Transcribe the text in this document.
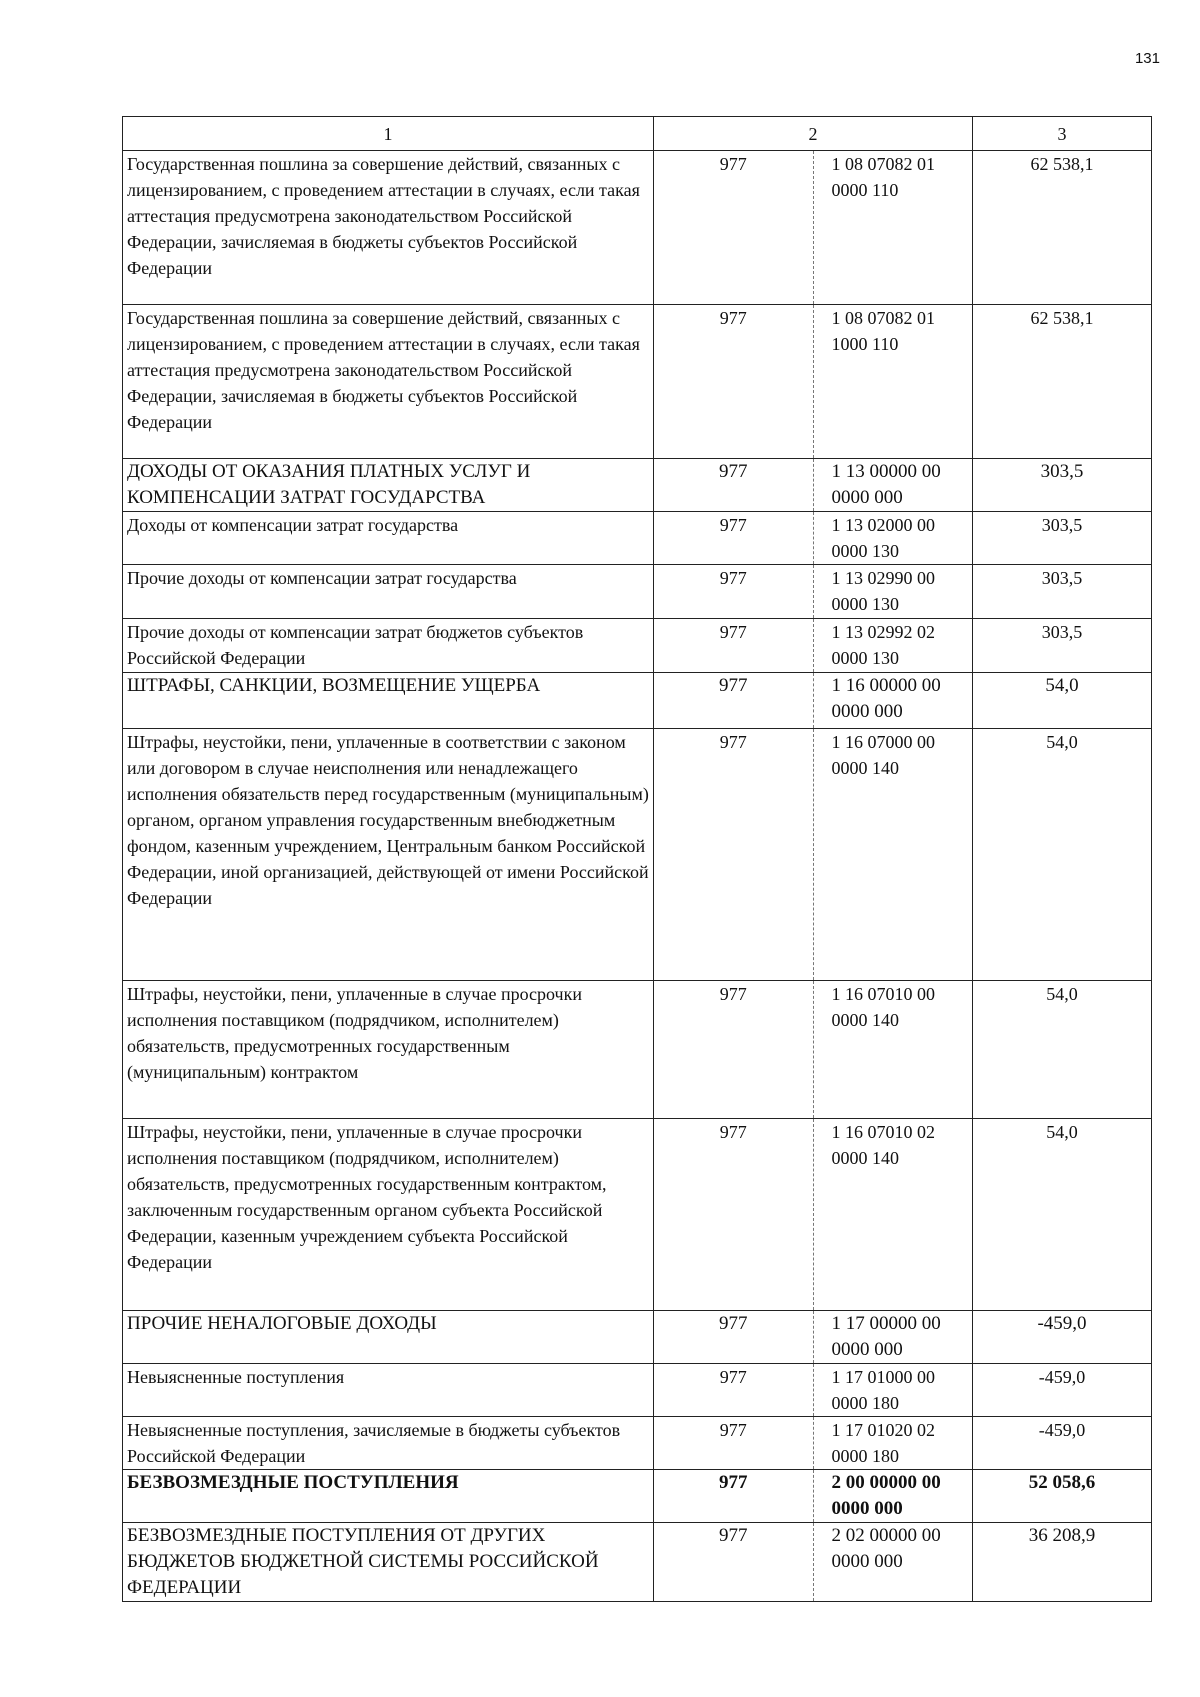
131
1	2		3
Государственная пошлина за совершение действий, связанных с лицензированием, с проведением аттестации в случаях, если такая аттестация предусмотрена законодательством Российской Федерации, зачисляемая в бюджеты субъектов Российской Федерации	977	1 08 07082 01 0000 110	62 538,1
Государственная пошлина за совершение действий, связанных с лицензированием, с проведением аттестации в случаях, если такая аттестация предусмотрена законодательством Российской Федерации, зачисляемая в бюджеты субъектов Российской Федерации	977	1 08 07082 01 1000 110	62 538,1
ДОХОДЫ ОТ ОКАЗАНИЯ ПЛАТНЫХ УСЛУГ И КОМПЕНСАЦИИ ЗАТРАТ ГОСУДАРСТВА	977	1 13 00000 00 0000 000	303,5
Доходы от компенсации затрат государства	977	1 13 02000 00 0000 130	303,5
Прочие доходы от компенсации затрат государства	977	1 13 02990 00 0000 130	303,5
Прочие доходы от компенсации затрат бюджетов субъектов Российской Федерации	977	1 13 02992 02 0000 130	303,5
ШТРАФЫ, САНКЦИИ, ВОЗМЕЩЕНИЕ УЩЕРБА	977	1 16 00000 00 0000 000	54,0
Штрафы, неустойки, пени, уплаченные в соответствии с законом или договором в случае неисполнения или ненадлежащего исполнения обязательств перед государственным (муниципальным) органом, органом управления государственным внебюджетным фондом, казенным учреждением, Центральным банком Российской Федерации, иной организацией, действующей от имени Российской Федерации	977	1 16 07000 00 0000 140	54,0
Штрафы, неустойки, пени, уплаченные в случае просрочки исполнения поставщиком (подрядчиком, исполнителем) обязательств, предусмотренных государственным (муниципальным) контрактом	977	1 16 07010 00 0000 140	54,0
Штрафы, неустойки, пени, уплаченные в случае просрочки исполнения поставщиком (подрядчиком, исполнителем) обязательств, предусмотренных государственным контрактом, заключенным государственным органом субъекта Российской Федерации, казенным учреждением субъекта Российской Федерации	977	1 16 07010 02 0000 140	54,0
ПРОЧИЕ НЕНАЛОГОВЫЕ ДОХОДЫ	977	1 17 00000 00 0000 000	-459,0
Невыясненные поступления	977	1 17 01000 00 0000 180	-459,0
Невыясненные поступления, зачисляемые в бюджеты субъектов Российской Федерации	977	1 17 01020 02 0000 180	-459,0
БЕЗВОЗМЕЗДНЫЕ ПОСТУПЛЕНИЯ	977	2 00 00000 00 0000 000	52 058,6
БЕЗВОЗМЕЗДНЫЕ ПОСТУПЛЕНИЯ ОТ ДРУГИХ БЮДЖЕТОВ БЮДЖЕТНОЙ СИСТЕМЫ РОССИЙСКОЙ ФЕДЕРАЦИИ	977	2 02 00000 00 0000 000	36 208,9
